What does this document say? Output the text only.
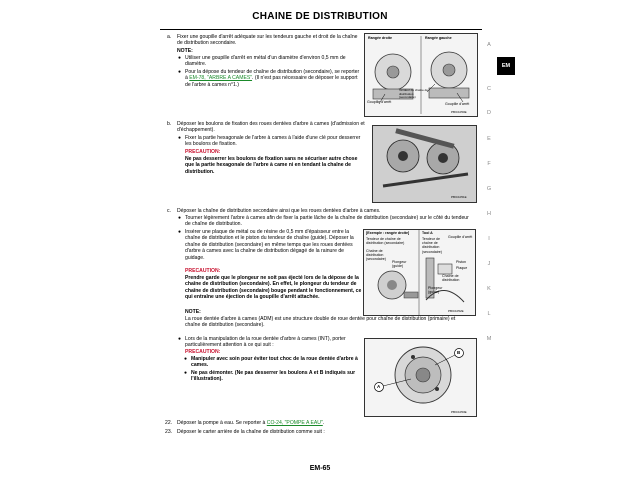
CHAINE DE DISTRIBUTION
A
C
D
E
F
G
H
I
J
K
L
M
EM
a. Fixer une goupille d'arrêt adéquate sur les tendeurs gauche et droit de la chaîne de distribution secondaire.
NOTE:
● Utiliser une goupille d'arrêt en métal d'un diamètre d'environ 0,5 mm de diamètre.
● Pour la dépose du tendeur de chaîne de distribution (secondaire), se reporter à EM-78, "ARBRE A CAMES". (Il n'est pas nécessaire de déposer le support de l'arbre à cames n°1.)
Rangée droite	Rangée gauche
Goupille d'arrêt
Tendeur de chaîne de distribution (secondaire)
Goupille d'arrêt
PBIC1050E
b. Déposer les boulons de fixation des roues dentées d'arbre à cames (d'admission et d'échappement).
● Fixer la partie hexagonale de l'arbre à cames à l'aide d'une clé pour desserrer les boulons de fixation.
PRECAUTION:
Ne pas desserrer les boulons de fixation sans ne sécuriser autre chose que la partie hexagonale de l'arbre à came ni en tendant la chaîne de distribution.
PBIC1051E
c. Déposer la chaîne de distribution secondaire ainsi que les roues dentées d'arbre à cames.
● Tourner légèrement l'arbre à cames afin de fixer la partie lâche de la chaîne de distribution (secondaire) sur le côté du tendeur de chaîne de distribution.
● Insérer une plaque de métal ou de résine de 0,5 mm d'épaisseur entre la chaîne de distribution et le piston du tendeur de chaîne (guide). Déposer la chaîne de distribution (secondaire) en même temps que les roues dentées d'arbre à cames avec la chaîne de distribution dégagé de la rainure de guidage.
PRECAUTION:
Prendre garde que le plongeur ne soit pas éjecté lors de la dépose de la chaîne de distribution (secondaire). En effet, le plongeur du tendeur de chaîne de distribution (secondaire) bouge pendant le fonctionnement, ce qui entraîne une éjection de la goupille d'arrêt attachée.
NOTE:
La roue dentée d'arbre à cames (ADM) est une structure double de roue dentée pour chaîne de distribution (primaire) et chaîne de distribution (secondaire).
● Lors de la manipulation de la roue dentée d'arbre à cames (INT), porter particulièrement attention à ce qui suit :
PRECAUTION:
● Manipuler avec soin pour éviter tout choc de la roue dentée d'arbre à cames.
● Ne pas démonter. (Ne pas desserrer les boulons A et B indiqués sur l'illustration).
[Exemple : rangée droite]
Tendeur de chaîne de distribution (secondaire)
Chaîne de distribution (secondaire)
Plongeur (guide)
Tool A
Tendeur de chaîne de distribution (secondaire)
Goupille d'arrêt
Piston
Plaque
Chaîne de distribution
Plongeur (guide)
PBIC1052E
A
B
PBIC1053E
22. Déposer la pompe à eau. Se reporter à CO-24, "POMPE A EAU".
23. Déposer le carter arrière de la chaîne de distribution comme suit :
EM-65
